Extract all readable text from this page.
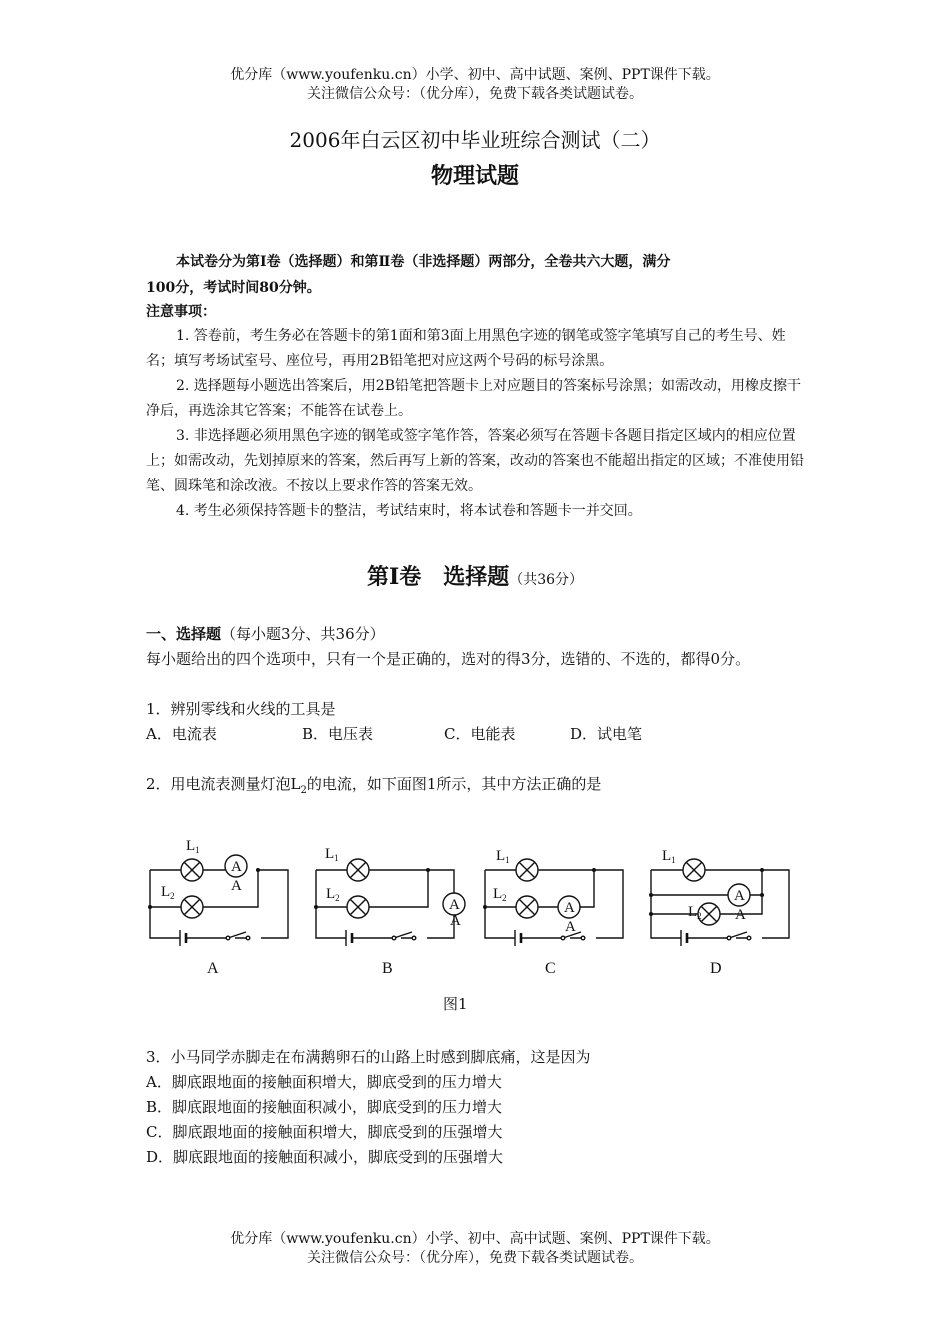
优分库（www.youfenku.cn）小学、初中、高中试题、案例、PPT课件下载。
关注微信公众号：（优分库），免费下载各类试题试卷。
2006年白云区初中毕业班综合测试（二）
物理试题
本试卷分为第Ⅰ卷（选择题）和第Ⅱ卷（非选择题）两部分，全卷共六大题，满分
100分，考试时间80分钟。
注意事项：
1. 答卷前，考生务必在答题卡的第1面和第3面上用黑色字迹的钢笔或签字笔填写自己的考生号、姓名；填写考场试室号、座位号，再用2B铅笔把对应这两个号码的标号涂黑。
2. 选择题每小题选出答案后，用2B铅笔把答题卡上对应题目的答案标号涂黑；如需改动，用橡皮擦干净后，再选涂其它答案；不能答在试卷上。
3. 非选择题必须用黑色字迹的钢笔或签字笔作答，答案必须写在答题卡各题目指定区域内的相应位置上；如需改动，先划掉原来的答案，然后再写上新的答案，改动的答案也不能超出指定的区域；不准使用铅笔、圆珠笔和涂改液。不按以上要求作答的答案无效。
4. 考生必须保持答题卡的整洁，考试结束时，将本试卷和答题卡一并交回。
第Ⅰ卷　选择题（共36分）
一、选择题（每小题3分、共36分）
每小题给出的四个选项中，只有一个是正确的，选对的得3分，选错的、不选的，都得0分。
1．辨别零线和火线的工具是
A．电流表	B．电压表	C．电能表	D．试电笔
2．用电流表测量灯泡$L_2$的电流，如下面图1所示，其中方法正确的是
A
A
A
A
A
A
A
A
$L_1$
$L_2$
$L_1$
$L_2$
$L_1$
$L_2$
$L_1$
$L_2$
A	B	C	D
图1
3．小马同学赤脚走在布满鹅卵石的山路上时感到脚底痛，这是因为
A．脚底跟地面的接触面积增大，脚底受到的压力增大
B．脚底跟地面的接触面积减小，脚底受到的压力增大
C．脚底跟地面的接触面积增大，脚底受到的压强增大
D．脚底跟地面的接触面积减小，脚底受到的压强增大
优分库（www.youfenku.cn）小学、初中、高中试题、案例、PPT课件下载。
关注微信公众号：（优分库），免费下载各类试题试卷。
